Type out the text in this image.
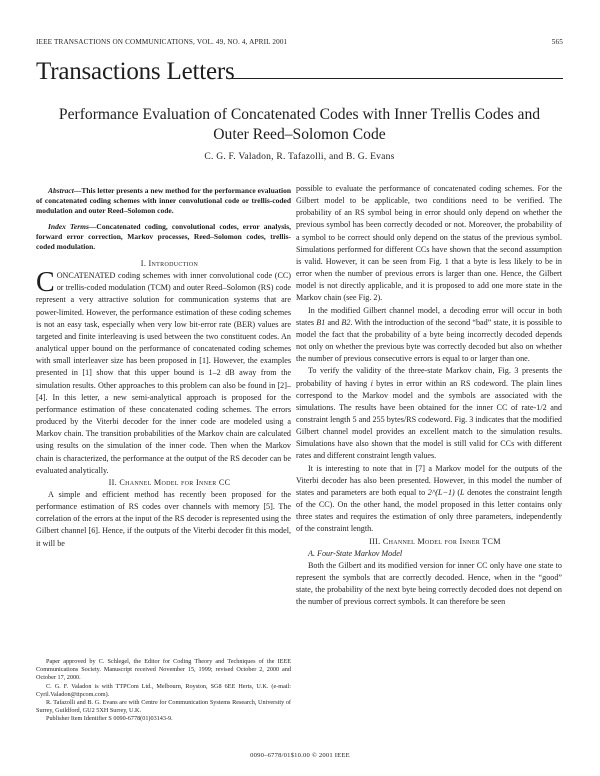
IEEE TRANSACTIONS ON COMMUNICATIONS, VOL. 49, NO. 4, APRIL 2001	565
Transactions Letters
Performance Evaluation of Concatenated Codes with Inner Trellis Codes and
Outer Reed–Solomon Code
C. G. F. Valadon, R. Tafazolli, and B. G. Evans

Abstract—This letter presents a new method for the performance evaluation of concatenated coding schemes with inner convolutional code or trellis-coded modulation and outer Reed–Solomon code.

Index Terms—Concatenated coding, convolutional codes, error analysis, forward error correction, Markov processes, Reed–Solomon codes, trellis-coded modulation.

I. Introduction

CONCATENATED coding schemes with inner convolutional code (CC) or trellis-coded modulation (TCM) and outer Reed–Solomon (RS) code represent a very attractive solution for communication systems that are power-limited. However, the performance estimation of these coding schemes is not an easy task, especially when very low bit-error rate (BER) values are targeted and finite interleaving is used between the two constituent codes. An analytical upper bound on the performance of concatenated coding schemes with small interleaver size has been proposed in [1]. However, the examples presented in [1] show that this upper bound is 1–2 dB away from the simulation results. Other approaches to this problem can also be found in [2]–[4]. In this letter, a new semi-analytical approach is proposed for the performance estimation of these concatenated coding schemes. The errors produced by the Viterbi decoder for the inner code are modeled using a Markov chain. The transition probabilities of the Markov chain are calculated using results on the simulation of the inner code. Then when the Markov chain is characterized, the performance at the output of the RS decoder can be evaluated analytically.

II. Channel Model for Inner CC

A simple and efficient method has recently been proposed for the performance estimation of RS codes over channels with memory [5]. The correlation of the errors at the input of the RS decoder is represented using the Gilbert channel [6]. Hence, if the outputs of the Viterbi decoder fit this model, it will be

possible to evaluate the performance of concatenated coding schemes. For the Gilbert model to be applicable, two conditions need to be verified. The probability of an RS symbol being in error should only depend on whether the previous symbol has been correctly decoded or not. Moreover, the probability of a symbol to be correct should only depend on the status of the previous symbol. Simulations performed for different CCs have shown that the second assumption is valid. However, it can be seen from Fig. 1 that a byte is less likely to be in error when the number of previous errors is larger than one. Hence, the Gilbert model is not directly applicable, and it is proposed to add one more state in the Markov chain (see Fig. 2).

In the modified Gilbert channel model, a decoding error will occur in both states B1 and B2. With the introduction of the second “bad” state, it is possible to model the fact that the probability of a byte being incorrectly decoded depends not only on whether the previous byte was correctly decoded but also on whether the number of previous consecutive errors is equal to or larger than one.

To verify the validity of the three-state Markov chain, Fig. 3 presents the probability of having i bytes in error within an RS codeword. The plain lines correspond to the Markov model and the symbols are associated with the simulations. The results have been obtained for the inner CC of rate-1/2 and constraint length 5 and 255 bytes/RS codeword. Fig. 3 indicates that the modified Gilbert channel model provides an excellent match to the simulation results. Simulations have also shown that the model is still valid for CCs with different rates and different constraint length values.

It is interesting to note that in [7] a Markov model for the outputs of the Viterbi decoder has also been presented. However, in this model the number of states and parameters are both equal to 2^(L−1) (L denotes the constraint length of the CC). On the other hand, the model proposed in this letter contains only three states and requires the estimation of only three parameters, independently of the constraint length.

III. Channel Model for Inner TCM

A. Four-State Markov Model

Both the Gilbert and its modified version for inner CC only have one state to represent the symbols that are correctly decoded. Hence, when in the “good” state, the probability of the next byte being correctly decoded does not depend on the number of previous correct symbols. It can therefore be seen

Paper approved by C. Schlegel, the Editor for Coding Theory and Techniques of the IEEE Communications Society. Manuscript received November 15, 1999; revised October 2, 2000 and October 17, 2000.

C. G. F. Valadon is with TTPCom Ltd., Melbourn, Royston, SG8 6EE Herts, U.K. (e-mail: Cyril.Valadon@ttpcom.com).

R. Tafazolli and B. G. Evans are with Centre for Communication Systems Research, University of Surrey, Guildford, GU2 5XH Surrey, U.K.

Publisher Item Identifier S 0090-6778(01)03143-9.

0090–6778/01$10.00 © 2001 IEEE
